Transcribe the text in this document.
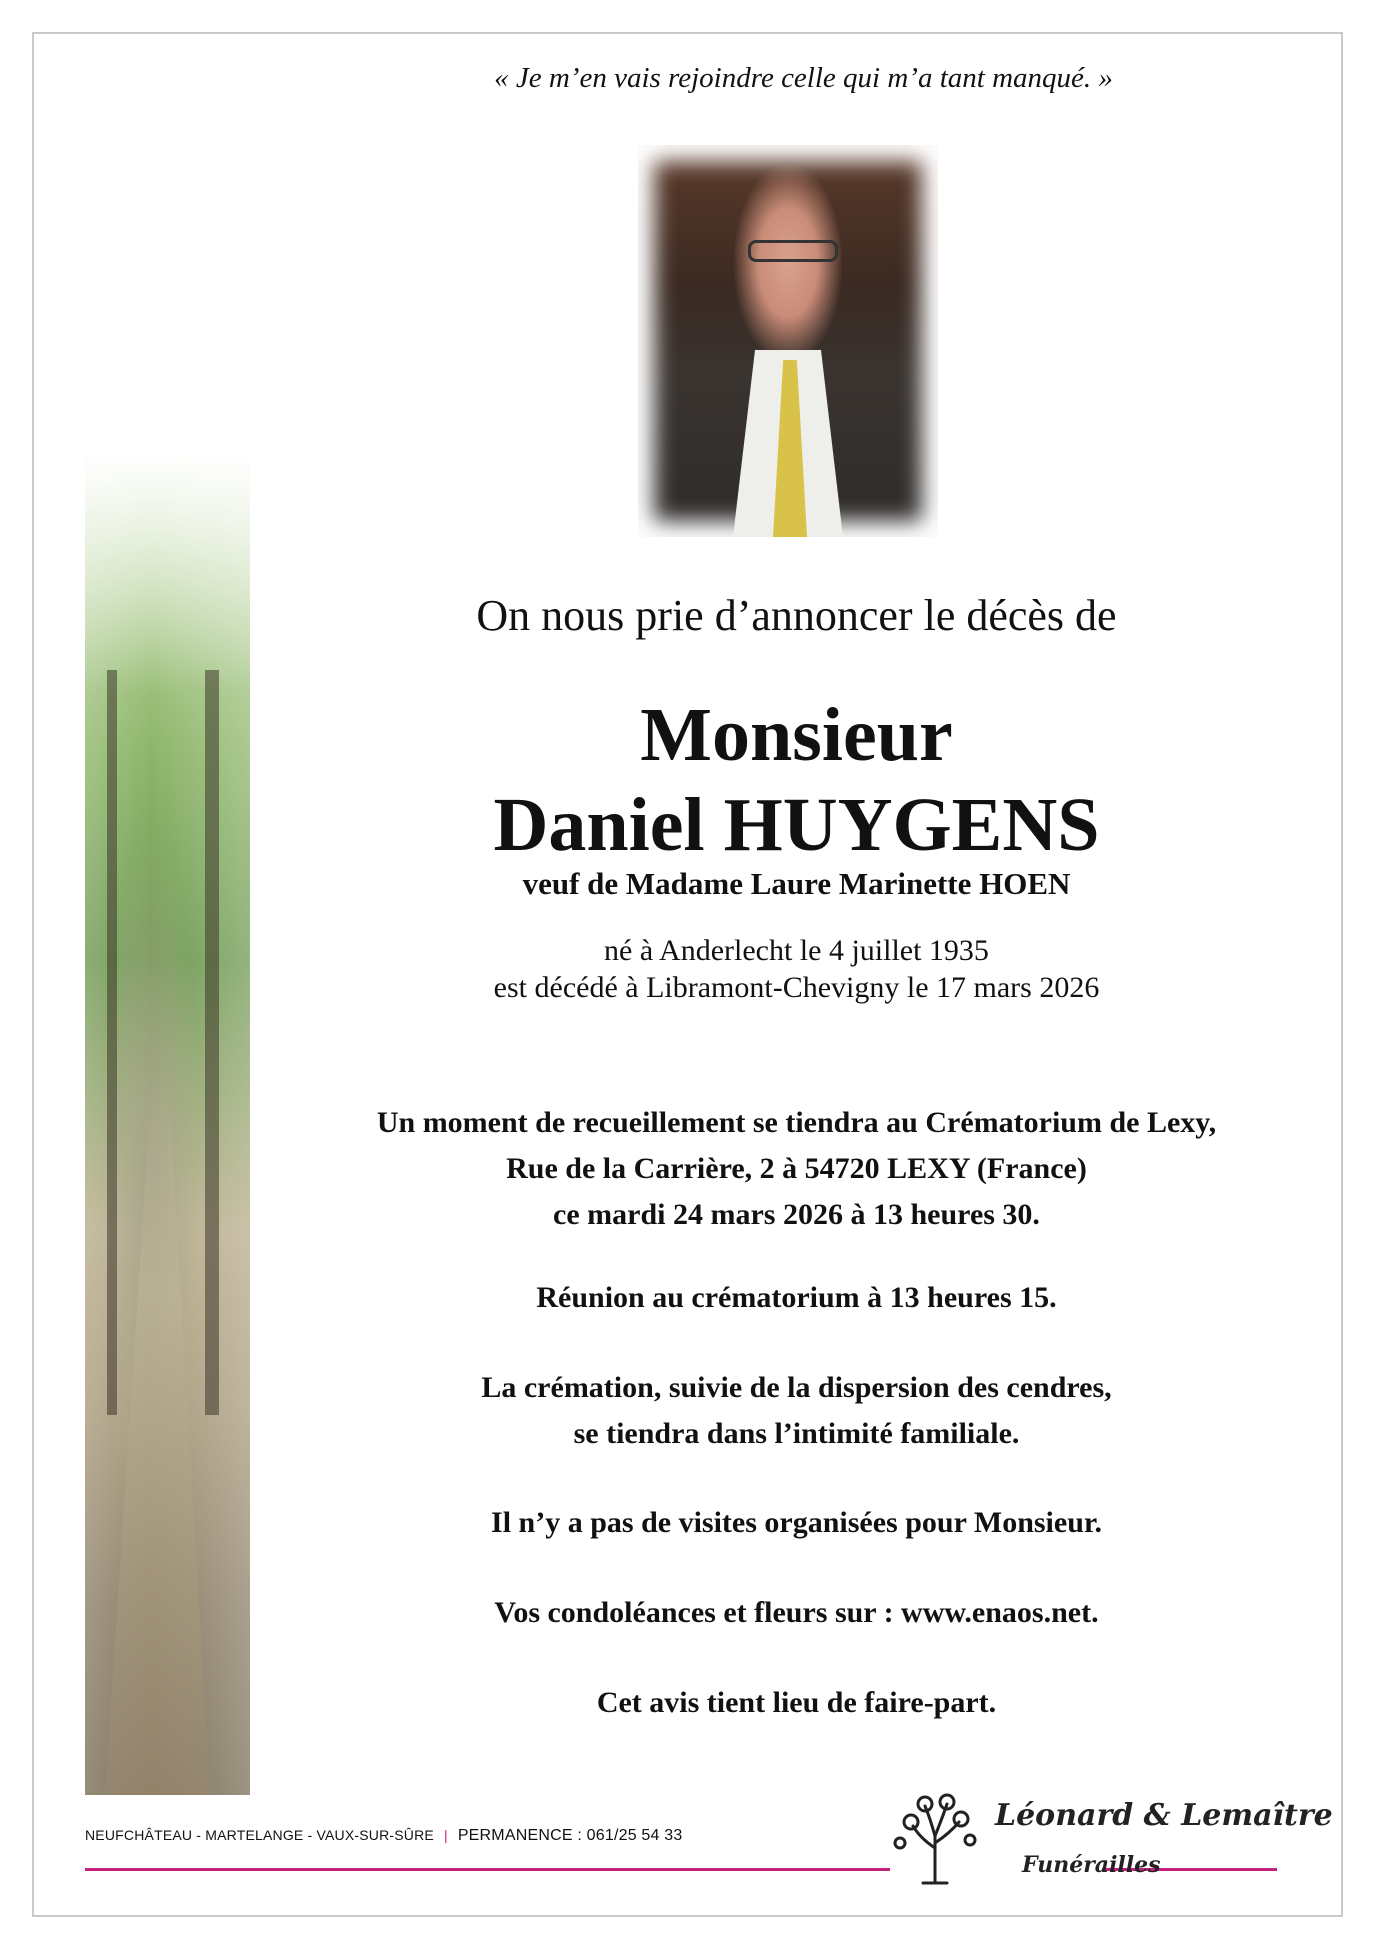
« Je m’en vais rejoindre celle qui m’a tant manqué. »
On nous prie d’annoncer le décès de
Monsieur
Daniel HUYGENS
veuf de Madame Laure Marinette HOEN
né à Anderlecht le 4 juillet 1935
est décédé à Libramont-Chevigny le 17 mars 2026
Un moment de recueillement se tiendra au Crématorium de Lexy,
Rue de la Carrière, 2 à 54720 LEXY (France)
ce mardi 24 mars 2026 à 13 heures 30.
Réunion au crématorium à 13 heures 15.
La crémation, suivie de la dispersion des cendres,
se tiendra dans l’intimité familiale.
Il n’y a pas de visites organisées pour Monsieur.
Vos condoléances et fleurs sur : www.enaos.net.
Cet avis tient lieu de faire-part.
NEUFCHÂTEAU - MARTELANGE - VAUX-SUR-SÛRE | PERMANENCE : 061/25 54 33
Léonard & Lemaître
Funérailles
